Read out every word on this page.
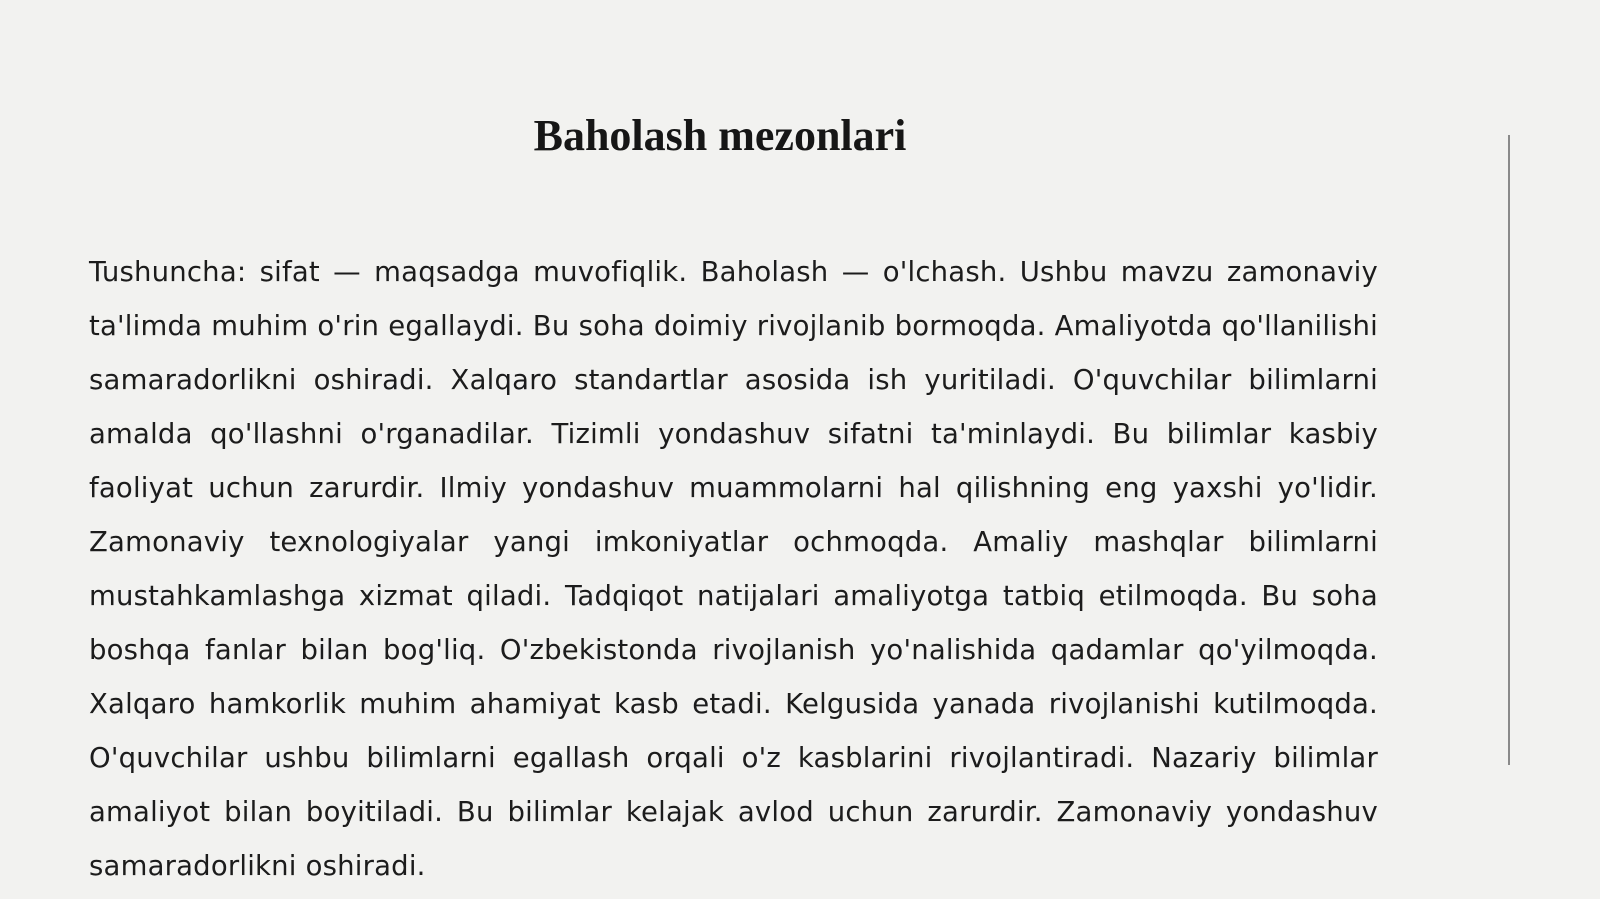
Baholash mezonlari

Tushuncha: sifat — maqsadga muvofiqlik. Baholash — o'lchash. Ushbu mavzu zamonaviy ta'limda muhim o'rin egallaydi. Bu soha doimiy rivojlanib bormoqda. Amaliyotda qo'llanilishi samaradorlikni oshiradi. Xalqaro standartlar asosida ish yuritiladi. O'quvchilar bilimlarni amalda qo'llashni o'rganadilar. Tizimli yondashuv sifatni ta'minlaydi. Bu bilimlar kasbiy faoliyat uchun zarurdir. Ilmiy yondashuv muammolarni hal qilishning eng yaxshi yo'lidir. Zamonaviy texnologiyalar yangi imkoniyatlar ochmoqda. Amaliy mashqlar bilimlarni mustahkamlashga xizmat qiladi. Tadqiqot natijalari amaliyotga tatbiq etilmoqda. Bu soha boshqa fanlar bilan bog'liq. O'zbekistonda rivojlanish yo'nalishida qadamlar qo'yilmoqda. Xalqaro hamkorlik muhim ahamiyat kasb etadi. Kelgusida yanada rivojlanishi kutilmoqda. O'quvchilar ushbu bilimlarni egallash orqali o'z kasblarini rivojlantiradi. Nazariy bilimlar amaliyot bilan boyitiladi. Bu bilimlar kelajak avlod uchun zarurdir. Zamonaviy yondashuv samaradorlikni oshiradi.
